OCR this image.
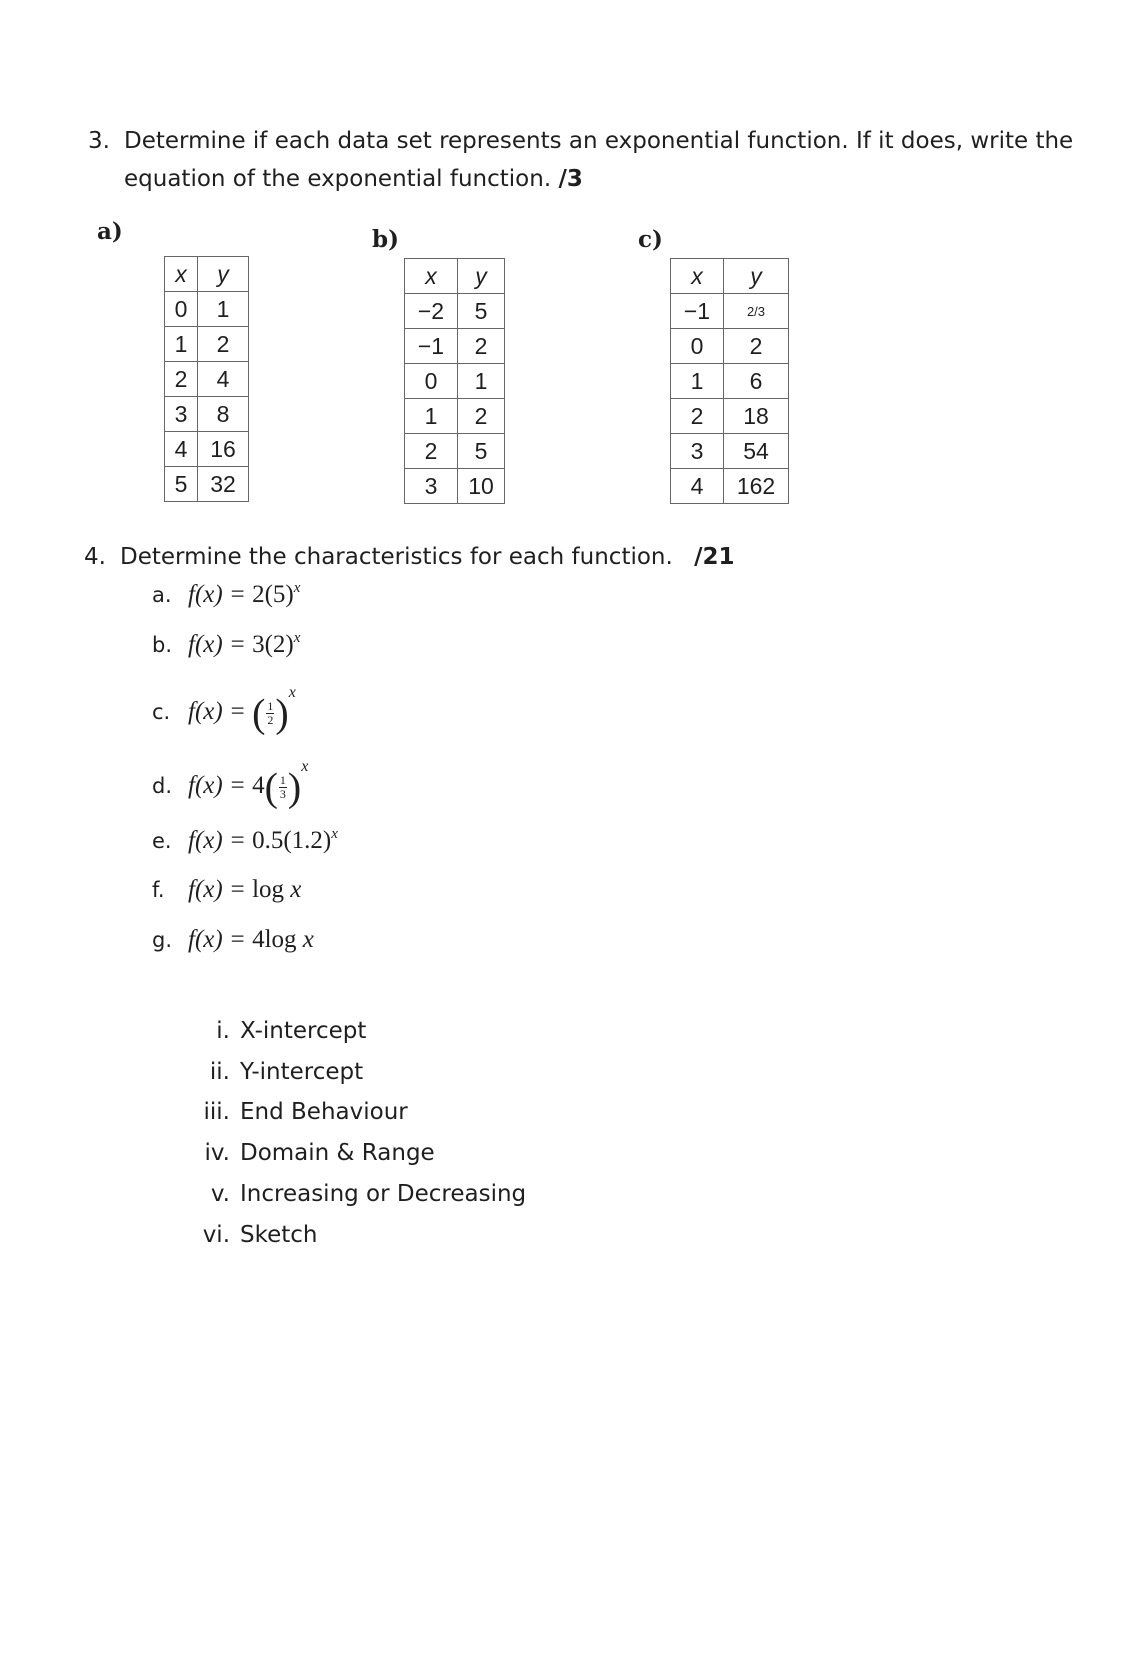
3. Determine if each data set represents an exponential function. If it does, write the
equation of the exponential function. /3
a)
x	y
0	1
1	2
2	4
3	8
4	16
5	32
b)
x	y
−2	5
−1	2
0	1
1	2
2	5
3	10
c)
x	y
−1	2/3
0	2
1	6
2	18
3	54
4	162
4. Determine the characteristics for each function. /21
a. $f(x) = 2(5)^x$
b. $f(x) = 3(2)^x$
c. f(x) = ( $\frac{1}{2} )^x$
d. $f(x) = 4( \frac{1}{3} )^x$
e. $f(x) = 0.5(1.2)^x$
f. f(x) = log x
g. f(x) = 4log x
i. X-intercept
ii. Y-intercept
iii. End Behaviour
iv. Domain & Range
v. Increasing or Decreasing
vi. Sketch
